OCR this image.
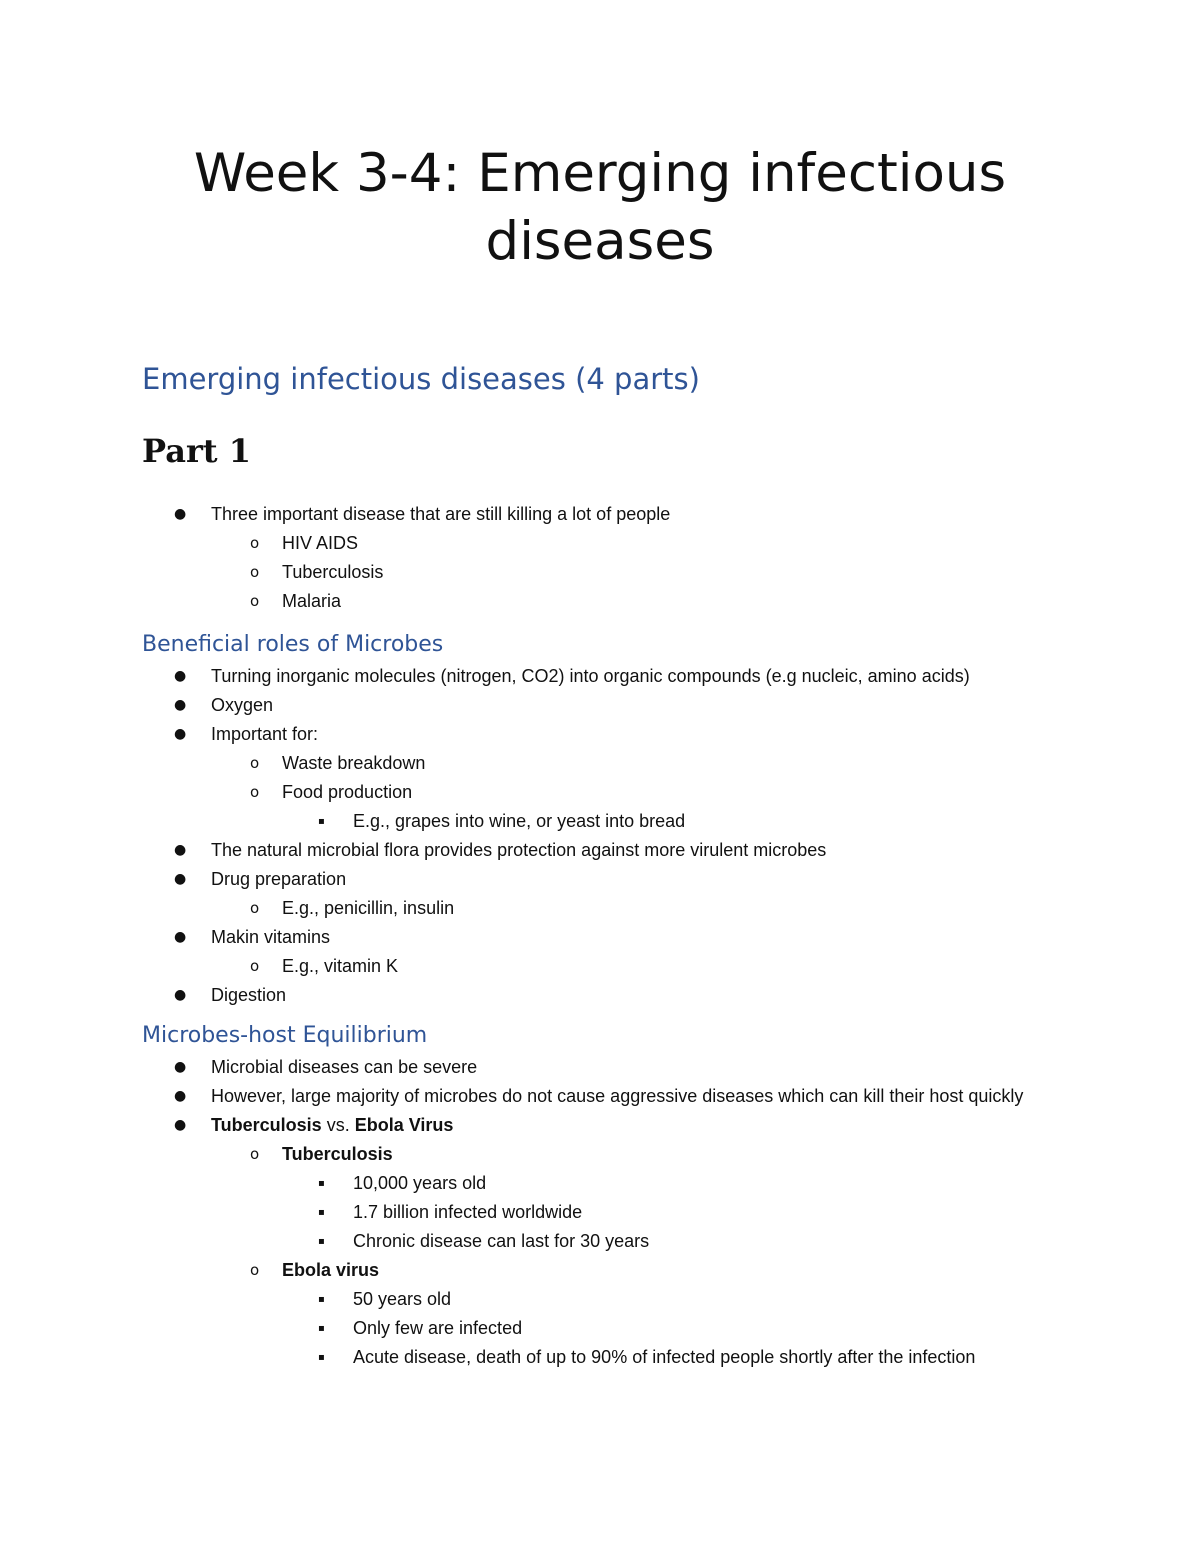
Week 3-4: Emerging infectious diseases
Emerging infectious diseases (4 parts)
Part 1
● Three important disease that are still killing a lot of people
o HIV AIDS
o Tuberculosis
o Malaria
Beneficial roles of Microbes
● Turning inorganic molecules (nitrogen, CO2) into organic compounds (e.g nucleic, amino acids)
● Oxygen
● Important for:
o Waste breakdown
o Food production
▪ E.g., grapes into wine, or yeast into bread
● The natural microbial flora provides protection against more virulent microbes
● Drug preparation
o E.g., penicillin, insulin
● Makin vitamins
o E.g., vitamin K
● Digestion
Microbes-host Equilibrium
● Microbial diseases can be severe
● However, large majority of microbes do not cause aggressive diseases which can kill their host quickly
● Tuberculosis vs. Ebola Virus
o Tuberculosis
▪ 10,000 years old
▪ 1.7 billion infected worldwide
▪ Chronic disease can last for 30 years
o Ebola virus
▪ 50 years old
▪ Only few are infected
▪ Acute disease, death of up to 90% of infected people shortly after the infection
